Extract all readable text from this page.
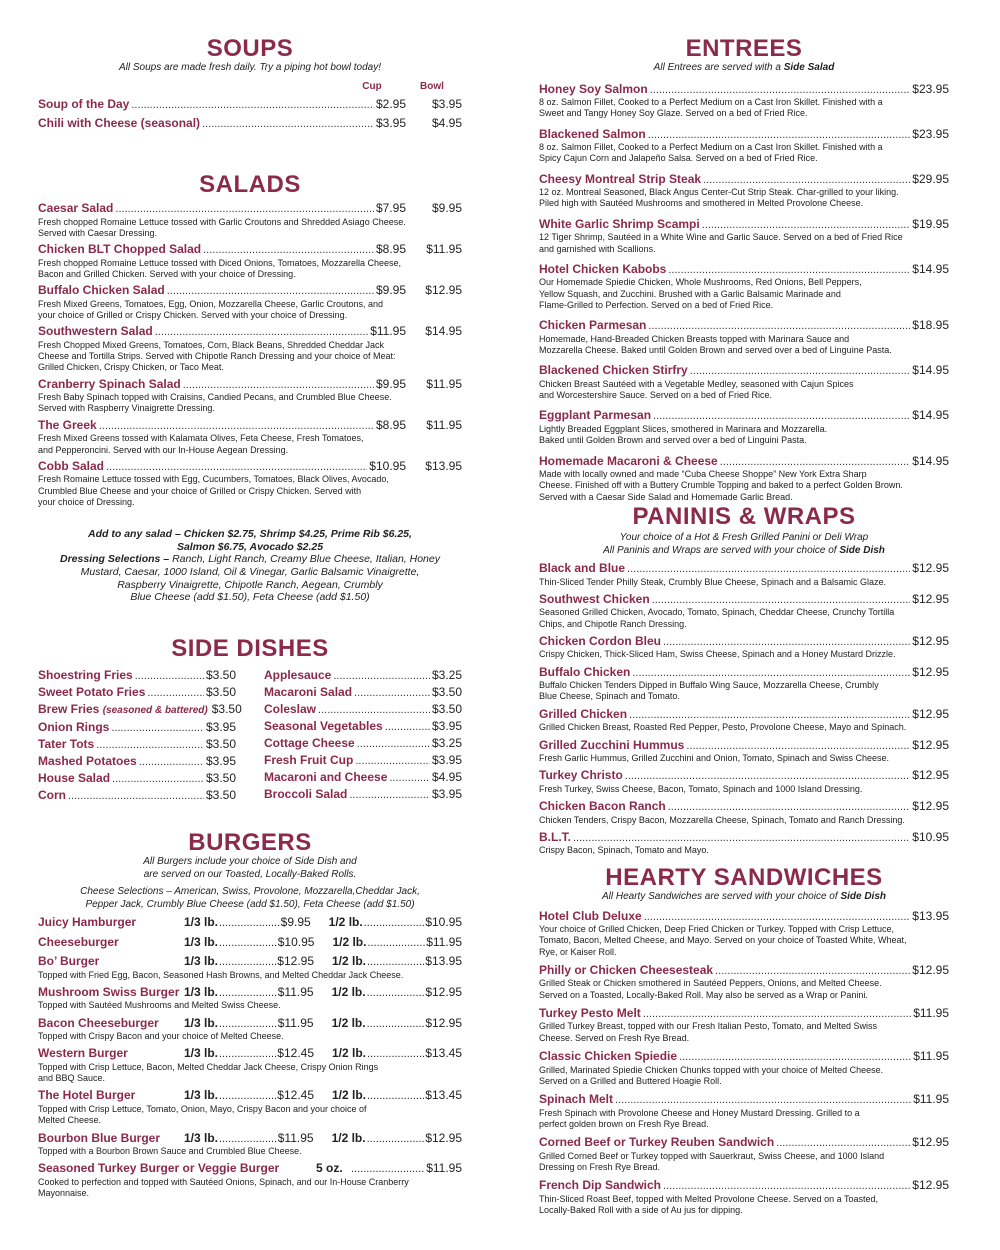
SOUPS
All Soups are made fresh daily. Try a piping hot bowl today!
Cup	Bowl
Soup of the Day .....	$2.95	$3.95
Chili with Cheese (seasonal) .....	$3.95	$4.95
SALADS
Caesar Salad .....	$7.95	$9.95
Fresh chopped Romaine Lettuce tossed with Garlic Croutons and Shredded Asiago Cheese.
Served with Caesar Dressing.
Chicken BLT Chopped Salad .....	$8.95	$11.95
Fresh chopped Romaine Lettuce tossed with Diced Onions, Tomatoes, Mozzarella Cheese,
Bacon and Grilled Chicken. Served with your choice of Dressing.
Buffalo Chicken Salad .....	$9.95	$12.95
Fresh Mixed Greens, Tomatoes, Egg, Onion, Mozzarella Cheese, Garlic Croutons, and
your choice of Grilled or Crispy Chicken. Served with your choice of Dressing.
Southwestern Salad .....	$11.95	$14.95
Fresh Chopped Mixed Greens, Tomatoes, Corn, Black Beans, Shredded Cheddar Jack
Cheese and Tortilla Strips. Served with Chipotle Ranch Dressing and your choice of Meat:
Grilled Chicken, Crispy Chicken, or Taco Meat.
Cranberry Spinach Salad .....	$9.95	$11.95
Fresh Baby Spinach topped with Craisins, Candied Pecans, and Crumbled Blue Cheese.
Served with Raspberry Vinaigrette Dressing.
The Greek .....	$8.95	$11.95
Fresh Mixed Greens tossed with Kalamata Olives, Feta Cheese, Fresh Tomatoes,
and Pepperoncini. Served with our In-House Aegean Dressing.
Cobb Salad .....	$10.95	$13.95
Fresh Romaine Lettuce tossed with Egg, Cucumbers, Tomatoes, Black Olives, Avocado,
Crumbled Blue Cheese and your choice of Grilled or Crispy Chicken. Served with
your choice of Dressing.
Add to any salad – Chicken $2.75, Shrimp $4.25, Prime Rib $6.25,
Salmon $6.75, Avocado $2.25
Dressing Selections – Ranch, Light Ranch, Creamy Blue Cheese, Italian, Honey
Mustard, Caesar, 1000 Island, Oil & Vinegar, Garlic Balsamic Vinaigrette,
Raspberry Vinaigrette, Chipotle Ranch, Aegean, Crumbly
Blue Cheese (add $1.50), Feta Cheese (add $1.50)
SIDE DISHES
Shoestring Fries .....	$3.50
Sweet Potato Fries .....	$3.50
Brew Fries (seasoned & battered) $3.50
Onion Rings .....	$3.95
Tater Tots .....	$3.50
Mashed Potatoes .....	$3.95
House Salad .....	$3.50
Corn .....	$3.50
Applesauce .....	$3.25
Macaroni Salad .....	$3.50
Coleslaw .....	$3.50
Seasonal Vegetables .....	$3.95
Cottage Cheese .....	$3.25
Fresh Fruit Cup .....	$3.95
Macaroni and Cheese .....	$4.95
Broccoli Salad .....	$3.95
BURGERS
All Burgers include your choice of Side Dish and
are served on our Toasted, Locally-Baked Rolls.
Cheese Selections – American, Swiss, Provolone, Mozzarella,Cheddar Jack,
Pepper Jack, Crumbly Blue Cheese (add $1.50), Feta Cheese (add $1.50)
Juicy Hamburger	1/3 lb. .....	$9.95 1/2 lb. .....	$10.95
Cheeseburger	1/3 lb. .....	$10.95 1/2 lb. .....	$11.95
Bo’ Burger	1/3 lb. .....	$12.95 1/2 lb. .....	$13.95
Topped with Fried Egg, Bacon, Seasoned Hash Browns, and Melted Cheddar Jack Cheese.
Mushroom Swiss Burger 1/3 lb. .....	$11.95 1/2 lb. .....	$12.95
Topped with Sautéed Mushrooms and Melted Swiss Cheese.
Bacon Cheeseburger	1/3 lb. .....	$11.95 1/2 lb. .....	$12.95
Topped with Crispy Bacon and your choice of Melted Cheese.
Western Burger	1/3 lb. .....	$12.45 1/2 lb. .....	$13.45
Topped with Crisp Lettuce, Bacon, Melted Cheddar Jack Cheese, Crispy Onion Rings
and BBQ Sauce.
The Hotel Burger	1/3 lb. .....	$12.45 1/2 lb. .....	$13.45
Topped with Crisp Lettuce, Tomato, Onion, Mayo, Crispy Bacon and your choice of
Melted Cheese.
Bourbon Blue Burger	1/3 lb. .....	$11.95 1/2 lb. .....	$12.95
Topped with a Bourbon Brown Sauce and Crumbled Blue Cheese.
Seasoned Turkey Burger or Veggie Burger	5 oz. .....	$11.95
Cooked to perfection and topped with Sautéed Onions, Spinach, and our In-House Cranberry
Mayonnaise.
ENTREES
All Entrees are served with a Side Salad
Honey Soy Salmon .....	$23.95
8 oz. Salmon Fillet, Cooked to a Perfect Medium on a Cast Iron Skillet. Finished with a
Sweet and Tangy Honey Soy Glaze. Served on a bed of Fried Rice.
Blackened Salmon .....	$23.95
8 oz. Salmon Fillet, Cooked to a Perfect Medium on a Cast Iron Skillet. Finished with a
Spicy Cajun Corn and Jalapeño Salsa. Served on a bed of Fried Rice.
Cheesy Montreal Strip Steak .....	$29.95
12 oz. Montreal Seasoned, Black Angus Center-Cut Strip Steak. Char-grilled to your liking.
Piled high with Sautéed Mushrooms and smothered in Melted Provolone Cheese.
White Garlic Shrimp Scampi .....	$19.95
12 Tiger Shrimp, Sautéed in a White Wine and Garlic Sauce. Served on a bed of Fried Rice
and garnished with Scallions.
Hotel Chicken Kabobs .....	$14.95
Our Homemade Spiedie Chicken, Whole Mushrooms, Red Onions, Bell Peppers,
Yellow Squash, and Zucchini. Brushed with a Garlic Balsamic Marinade and
Flame-Grilled to Perfection. Served on a bed of Fried Rice.
Chicken Parmesan .....	$18.95
Homemade, Hand-Breaded Chicken Breasts topped with Marinara Sauce and
Mozzarella Cheese. Baked until Golden Brown and served over a bed of Linguine Pasta.
Blackened Chicken Stirfry .....	$14.95
Chicken Breast Sautéed with a Vegetable Medley, seasoned with Cajun Spices
and Worcestershire Sauce. Served on a bed of Fried Rice.
Eggplant Parmesan .....	$14.95
Lightly Breaded Eggplant Slices, smothered in Marinara and Mozzarella.
Baked until Golden Brown and served over a bed of Linguini Pasta.
Homemade Macaroni & Cheese .....	$14.95
Made with locally owned and made “Cuba Cheese Shoppe” New York Extra Sharp
Cheese. Finished off with a Buttery Crumble Topping and baked to a perfect Golden Brown.
Served with a Caesar Side Salad and Homemade Garlic Bread.
PANINIS & WRAPS
Your choice of a Hot & Fresh Grilled Panini or Deli Wrap
All Paninis and Wraps are served with your choice of Side Dish
Black and Blue .....	$12.95
Thin-Sliced Tender Philly Steak, Crumbly Blue Cheese, Spinach and a Balsamic Glaze.
Southwest Chicken .....	$12.95
Seasoned Grilled Chicken, Avocado, Tomato, Spinach, Cheddar Cheese, Crunchy Tortilla
Chips, and Chipotle Ranch Dressing.
Chicken Cordon Bleu .....	$12.95
Crispy Chicken, Thick-Sliced Ham, Swiss Cheese, Spinach and a Honey Mustard Drizzle.
Buffalo Chicken .....	$12.95
Buffalo Chicken Tenders Dipped in Buffalo Wing Sauce, Mozzarella Cheese, Crumbly
Blue Cheese, Spinach and Tomato.
Grilled Chicken .....	$12.95
Grilled Chicken Breast, Roasted Red Pepper, Pesto, Provolone Cheese, Mayo and Spinach.
Grilled Zucchini Hummus .....	$12.95
Fresh Garlic Hummus, Grilled Zucchini and Onion, Tomato, Spinach and Swiss Cheese.
Turkey Christo .....	$12.95
Fresh Turkey, Swiss Cheese, Bacon, Tomato, Spinach and 1000 Island Dressing.
Chicken Bacon Ranch .....	$12.95
Chicken Tenders, Crispy Bacon, Mozzarella Cheese, Spinach, Tomato and Ranch Dressing.
B.L.T. .....	$10.95
Crispy Bacon, Spinach, Tomato and Mayo.
HEARTY SANDWICHES
All Hearty Sandwiches are served with your choice of Side Dish
Hotel Club Deluxe .....	$13.95
Your choice of Grilled Chicken, Deep Fried Chicken or Turkey. Topped with Crisp Lettuce,
Tomato, Bacon, Melted Cheese, and Mayo. Served on your choice of Toasted White, Wheat,
Rye, or Kaiser Roll.
Philly or Chicken Cheesesteak .....	$12.95
Grilled Steak or Chicken smothered in Sautéed Peppers, Onions, and Melted Cheese.
Served on a Toasted, Locally-Baked Roll. May also be served as a Wrap or Panini.
Turkey Pesto Melt .....	$11.95
Grilled Turkey Breast, topped with our Fresh Italian Pesto, Tomato, and Melted Swiss
Cheese. Served on Fresh Rye Bread.
Classic Chicken Spiedie .....	$11.95
Grilled, Marinated Spiedie Chicken Chunks topped with your choice of Melted Cheese.
Served on a Grilled and Buttered Hoagie Roll.
Spinach Melt .....	$11.95
Fresh Spinach with Provolone Cheese and Honey Mustard Dressing. Grilled to a
perfect golden brown on Fresh Rye Bread.
Corned Beef or Turkey Reuben Sandwich .....	$12.95
Grilled Corned Beef or Turkey topped with Sauerkraut, Swiss Cheese, and 1000 Island
Dressing on Fresh Rye Bread.
French Dip Sandwich .....	$12.95
Thin-Sliced Roast Beef, topped with Melted Provolone Cheese. Served on a Toasted,
Locally-Baked Roll with a side of Au jus for dipping.
